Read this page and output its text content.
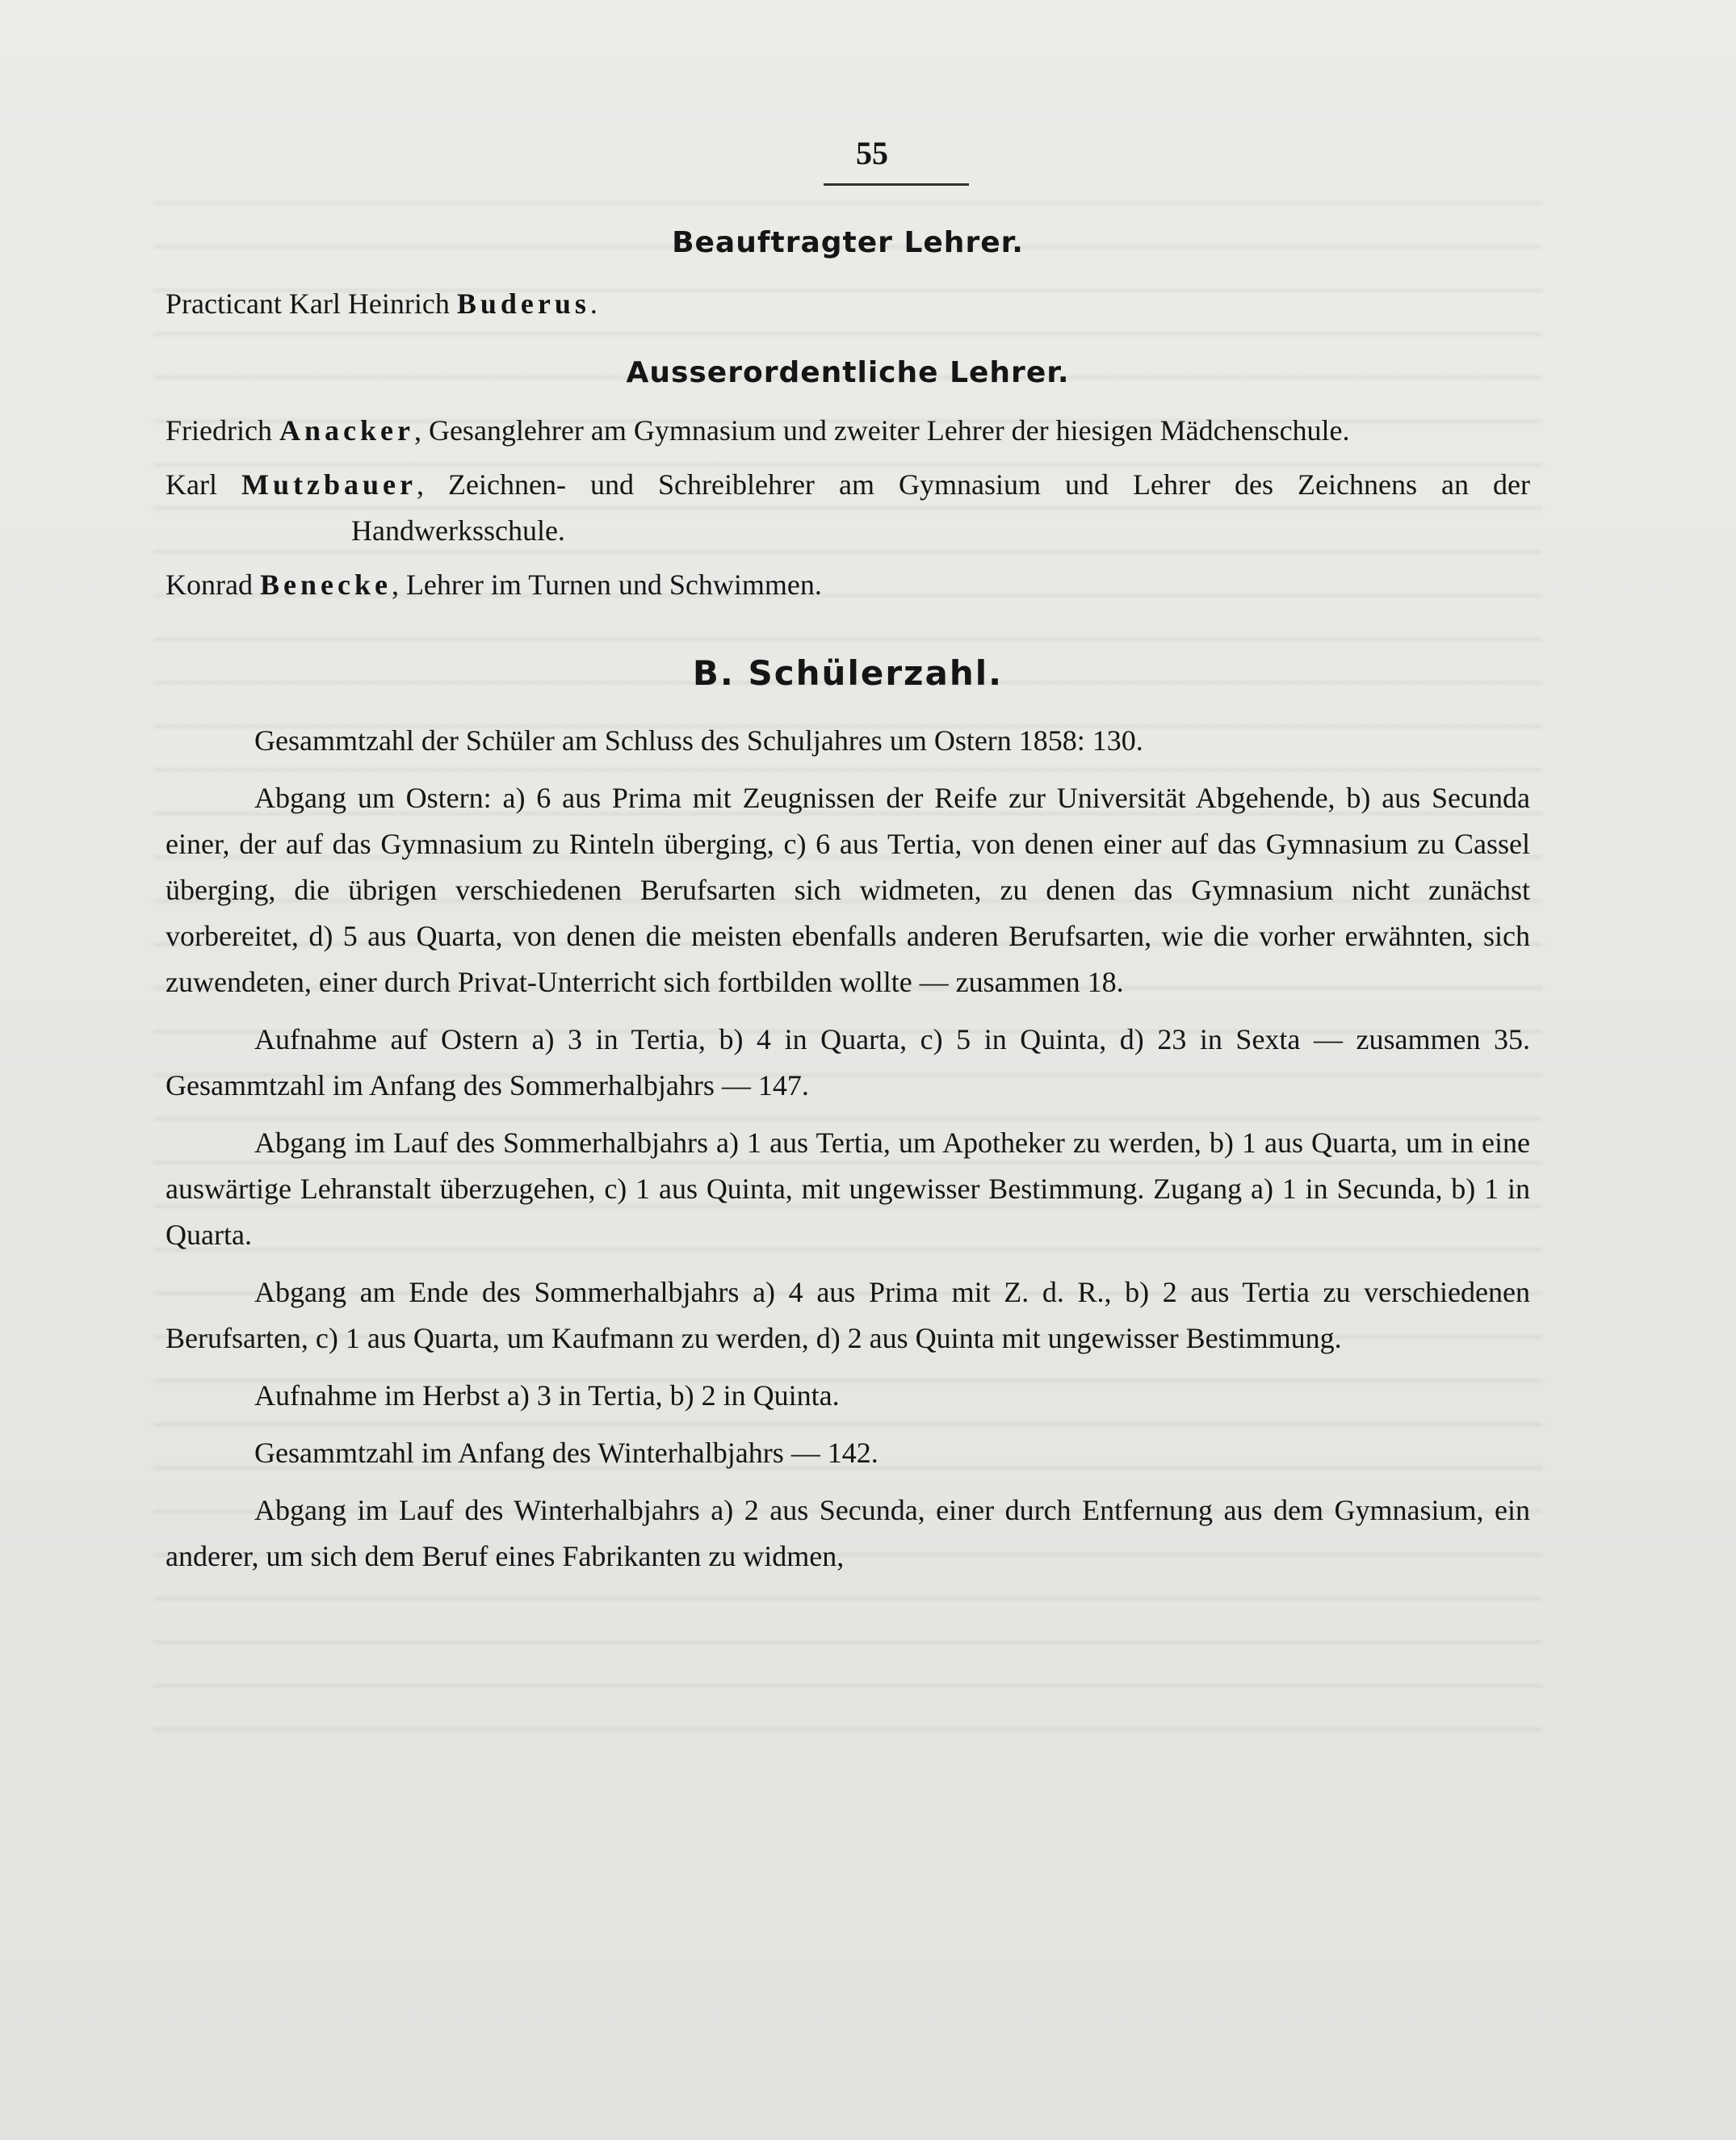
55
Beauftragter Lehrer.
Practicant Karl Heinrich Buderus.
Ausserordentliche Lehrer.
Friedrich Anacker, Gesanglehrer am Gymnasium und zweiter Lehrer der hiesigen Mädchenschule.
Karl Mutzbauer, Zeichnen- und Schreiblehrer am Gymnasium und Lehrer des Zeichnens an der Handwerksschule.
Konrad Benecke, Lehrer im Turnen und Schwimmen.
B. Schülerzahl.

Gesammtzahl der Schüler am Schluss des Schuljahres um Ostern 1858: 130.

Abgang um Ostern: a) 6 aus Prima mit Zeugnissen der Reife zur Universität Abgehende, b) aus Secunda einer, der auf das Gymnasium zu Rinteln überging, c) 6 aus Tertia, von denen einer auf das Gymnasium zu Cassel überging, die übrigen verschiedenen Berufsarten sich widmeten, zu denen das Gymnasium nicht zunächst vorbereitet, d) 5 aus Quarta, von denen die meisten ebenfalls anderen Berufsarten, wie die vorher erwähnten, sich zuwendeten, einer durch Privat-Unterricht sich fortbilden wollte — zusammen 18.

Aufnahme auf Ostern a) 3 in Tertia, b) 4 in Quarta, c) 5 in Quinta, d) 23 in Sexta — zusammen 35. Gesammtzahl im Anfang des Sommerhalbjahrs — 147.

Abgang im Lauf des Sommerhalbjahrs a) 1 aus Tertia, um Apotheker zu werden, b) 1 aus Quarta, um in eine auswärtige Lehranstalt überzugehen, c) 1 aus Quinta, mit ungewisser Bestimmung. Zugang a) 1 in Secunda, b) 1 in Quarta.

Abgang am Ende des Sommerhalbjahrs a) 4 aus Prima mit Z. d. R., b) 2 aus Tertia zu verschiedenen Berufsarten, c) 1 aus Quarta, um Kaufmann zu werden, d) 2 aus Quinta mit ungewisser Bestimmung.

Aufnahme im Herbst a) 3 in Tertia, b) 2 in Quinta.

Gesammtzahl im Anfang des Winterhalbjahrs — 142.

Abgang im Lauf des Winterhalbjahrs a) 2 aus Secunda, einer durch Entfernung aus dem Gymnasium, ein anderer, um sich dem Beruf eines Fabrikanten zu widmen,
